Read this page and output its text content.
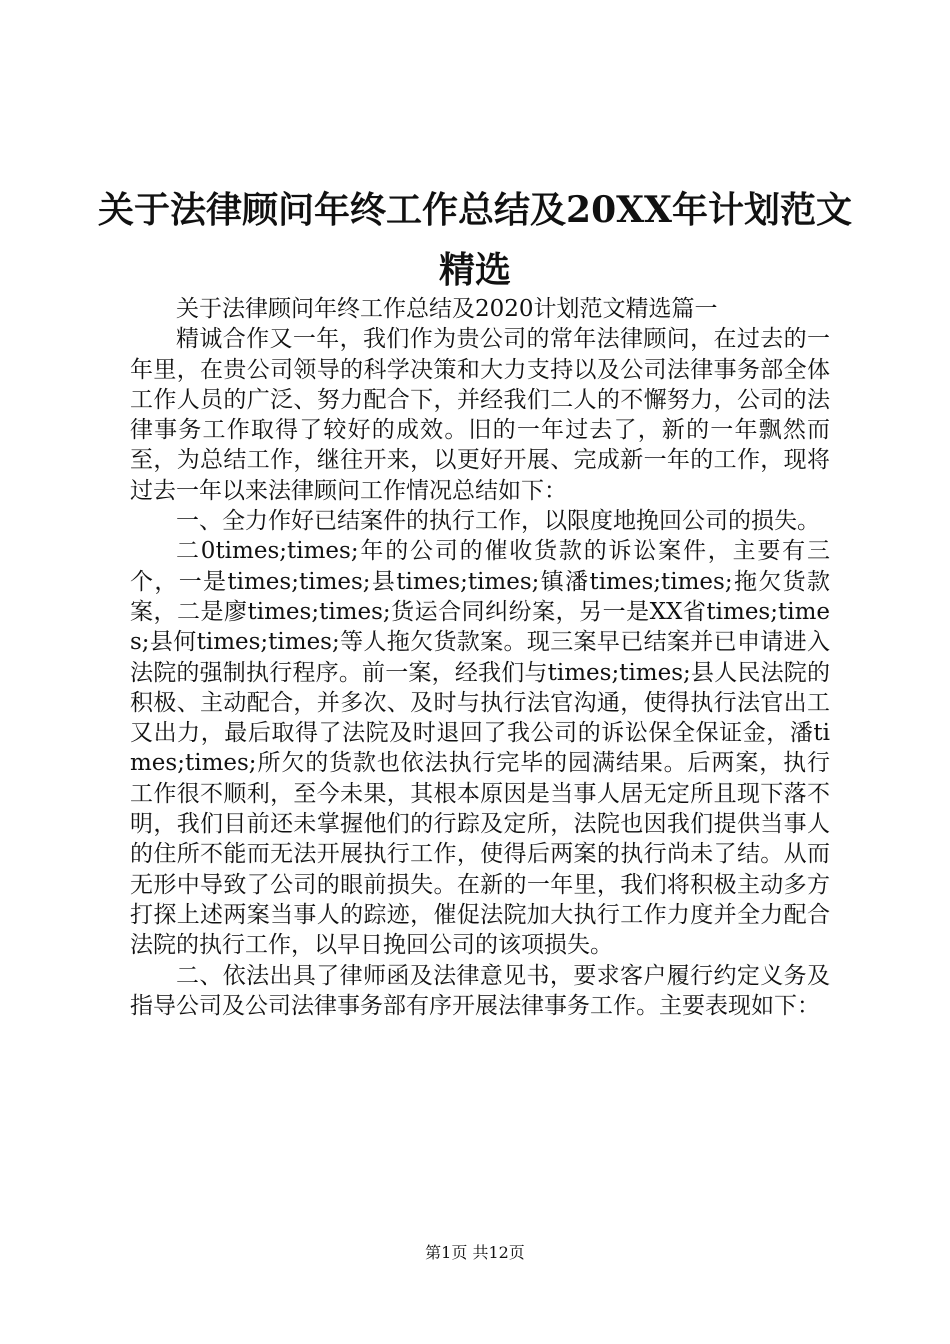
关于法律顾问年终工作总结及20XX年计划范文精选

关于法律顾问年终工作总结及2020计划范文精选篇一

精诚合作又一年，我们作为贵公司的常年法律顾问，在过去的一年里，在贵公司领导的科学决策和大力支持以及公司法律事务部全体工作人员的广泛、努力配合下，并经我们二人的不懈努力，公司的法律事务工作取得了较好的成效。旧的一年过去了，新的一年飘然而至，为总结工作，继往开来，以更好开展、完成新一年的工作，现将过去一年以来法律顾问工作情况总结如下：

一、全力作好已结案件的执行工作，以限度地挽回公司的损失。

二0times;times;年的公司的催收货款的诉讼案件，主要有三个，一是times;times;县times;times;镇潘times;times;拖欠货款案，二是廖times;times;货运合同纠纷案，另一是XX省times;times;县何times;times;等人拖欠货款案。现三案早已结案并已申请进入法院的强制执行程序。前一案，经我们与times;times;县人民法院的积极、主动配合，并多次、及时与执行法官沟通，使得执行法官出工又出力，最后取得了法院及时退回了我公司的诉讼保全保证金，潘times;times;所欠的货款也依法执行完毕的园满结果。后两案，执行工作很不顺利，至今未果，其根本原因是当事人居无定所且现下落不明，我们目前还未掌握他们的行踪及定所，法院也因我们提供当事人的住所不能而无法开展执行工作，使得后两案的执行尚未了结。从而无形中导致了公司的眼前损失。在新的一年里，我们将积极主动多方打探上述两案当事人的踪迹，催促法院加大执行工作力度并全力配合法院的执行工作，以早日挽回公司的该项损失。

二、依法出具了律师函及法律意见书，要求客户履行约定义务及指导公司及公司法律事务部有序开展法律事务工作。主要表现如下：

第1页 共12页
